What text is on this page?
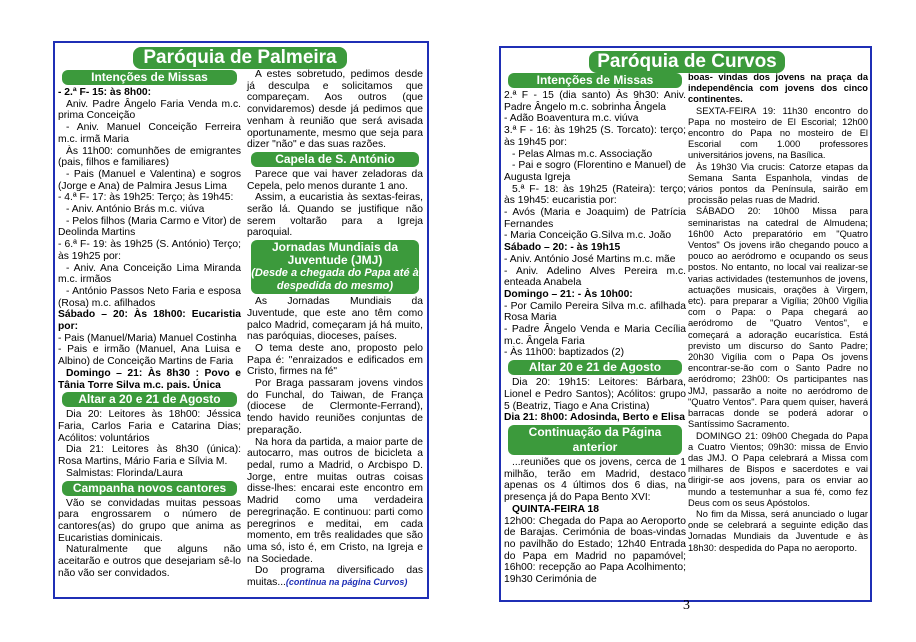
Paróquia de Palmeira
Intenções de Missas

- 2.ª F- 15: às 8h00:

Aniv. Padre Ângelo Faria Venda m.c. prima Conceição

- Aniv. Manuel Conceição Ferreira m.c. irmã Maria

Às 11h00: comunhões de emigrantes (pais, filhos e familiares)

- Pais (Manuel e Valentina) e sogros (Jorge e Ana) de Palmira Jesus Lima

- 4.ª F- 17: às 19h25: Terço; às 19h45:

- Aniv. António Brás m.c. viúva

- Pelos filhos (Maria Carmo e Vitor) de Deolinda Martins

- 6.ª F- 19: às 19h25 (S. António) Terço; às 19h25 por:

- Aniv. Ana Conceição Lima Miranda m.c. irmãos

- António Passos Neto Faria e esposa (Rosa) m.c. afilhados

Sábado – 20: Às 18h00: Eucaristia por:

- Pais (Manuel/Maria) Manuel Costinha

- Pais e irmão (Manuel, Ana Luisa e Albino) de Conceição Martins de Faria

Domingo – 21: Às 8h30 : Povo e Tânia Torre Silva m.c. pais. Única

Altar a 20 e 21 de Agosto

Dia 20: Leitores às 18h00: Jéssica Faria, Carlos Faria e Catarina Dias; Acólitos: voluntários

Dia 21: Leitores às 8h30 (única): Rosa Martins, Mário Faria e Sílvia M.

Salmistas: Florinda/Laura

Campanha novos cantores

Vão se convidadas muitas pessoas para engrossarem o número de cantores(as) do grupo que anima as Eucaristias dominicais.

Naturalmente que alguns não aceitarão e outros que desejariam sê-lo não vão ser convidados.

A estes sobretudo, pedimos desde já desculpa e solicitamos que compareçam. Aos outros (que convidaremos) desde já pedimos que venham à reunião que será avisada oportunamente, mesmo que seja para dizer "não" e das suas razões.

Capela de S. António

Parece que vai haver zeladoras da Cepela, pelo menos durante 1 ano.

Assim, a eucaristia às sextas-feiras, serão lá. Quando se justifique não serem voltarão para a Igreja paroquial.

Jornadas Mundiais da Juventude (JMJ)
(Desde a chegada do Papa até à despedida do mesmo)

As Jornadas Mundiais da Juventude, que este ano têm como palco Madrid, começaram já há muito, nas paróquias, dioceses, países.

O tema deste ano, proposto pelo Papa é: "enraizados e edificados em Cristo, firmes na fé"

Por Braga passaram jovens vindos do Funchal, do Taiwan, de França (diocese de Clermonte-Ferrand), tendo havido reuniões conjuntas de preparação.

Na hora da partida, a maior parte de autocarro, mas outros de bicicleta a pedal, rumo a Madrid, o Arcbispo D. Jorge, entre muitas outras coisas disse-lhes: encarai este encontro em Madrid como uma verdadeira peregrinação. E continuou: parti como peregrinos e meditai, em cada momento, em três realidades que são uma só, isto é, em Cristo, na Igreja e na Sociedade.

Do programa diversificado das muitas...(continua na página Curvos)

Paróquia de Curvos
Intenções de Missas

2.ª F - 15 (dia santo) Às 9h30: Aniv. Padre Ângelo m.c. sobrinha Ângela

- Adão Boaventura m.c. viúva

3.ª F - 16: às 19h25 (S. Torcato): terço; às 19h45 por:

- Pelas Almas m.c. Associação

- Pai e sogro (Florentino e Manuel) de Augusta Igreja

5.ª F- 18: às 19h25 (Rateira): terço; às 19h45: eucaristia por:

- Avós (Maria e Joaquim) de Patrícia Fernandes

- Maria Conceição G.Silva m.c. João

Sábado – 20: - às 19h15

- Aniv. António José Martins m.c. mãe

- Aniv. Adelino Alves Pereira m.c. enteada Anabela

Domingo – 21: - Às 10h00:

- Por Camilo Pereira Silva m.c. afilhada Rosa Maria

- Padre Ângelo Venda e Maria Cecília m.c. Ângela Faria

- Às 11h00: baptizados (2)

Altar 20 e 21 de Agosto

Dia 20: 19h15: Leitores: Bárbara, Lionel e Pedro Santos); Acólitos: grupo 5 (Beatriz, Tiago e Ana Cristina)

Dia 21: 8h00: Adosinda, Berto e Elisa

Continuação da Página anterior

...reuniões que os jovens, cerca de 1 milhão, terão em Madrid, destaco apenas os 4 últimos dos 6 dias, na presença já do Papa Bento XVI:

QUINTA-FEIRA 18

12h00: Chegada do Papa ao Aeroporto de Barajas. Cerimónia de boas-vindas no pavilhão do Estado; 12h40 Entrada do Papa em Madrid no papamóvel; 16h00: recepção ao Papa Acolhimento; 19h30 Cerimónia de

boas- vindas dos jovens na praça da independência com jovens dos cinco continentes.

SEXTA-FEIRA 19: 11h30 encontro do Papa no mosteiro de El Escorial; 12h00 encontro do Papa no mosteiro de El Escorial com 1.000 professores universitários jovens, na Basílica.

Às 19h30 Via crucis: Catorze etapas da Semana Santa Espanhola, vindas de vários pontos da Península, sairão em procissão pelas ruas de Madrid.

SÁBADO 20: 10h00 Missa para seminaristas na catedral de Almudena; 16h00 Acto preparatório em "Quatro Ventos" Os jovens irão chegando pouco a pouco ao aeródromo e ocupando os seus postos. No entanto, no local vai realizar-se varias actividades (testemunhos de jovens, actuações musicais, orações à Virgem, etc). para preparar a Vigília; 20h00 Vigília com o Papa: o Papa chegará ao aeródromo de "Quatro Ventos", e começará a adoração eucarística. Está previsto um discurso do Santo Padre; 20h30 Vigília com o Papa Os jovens encontrar-se-ão com o Santo Padre no aeródromo; 23h00: Os participantes nas JMJ, passarão a noite no aeródromo de "Quatro Ventos". Para quem quiser, haverá barracas donde se poderá adorar o Santíssimo Sacramento.

DOMINGO 21: 09h00 Chegada do Papa a Cuatro Vientos; 09h30: missa de Envio das JMJ. O Papa celebrará a Missa com milhares de Bispos e sacerdotes e vai dirigir-se aos jovens, para os enviar ao mundo a testemunhar a sua fé, como fez Deus com os seus Apóstolos.

No fim da Missa, será anunciado o lugar onde se celebrará a seguinte edição das Jornadas Mundiais da Juventude e às 18h30: despedida do Papa no aeroporto.

3
